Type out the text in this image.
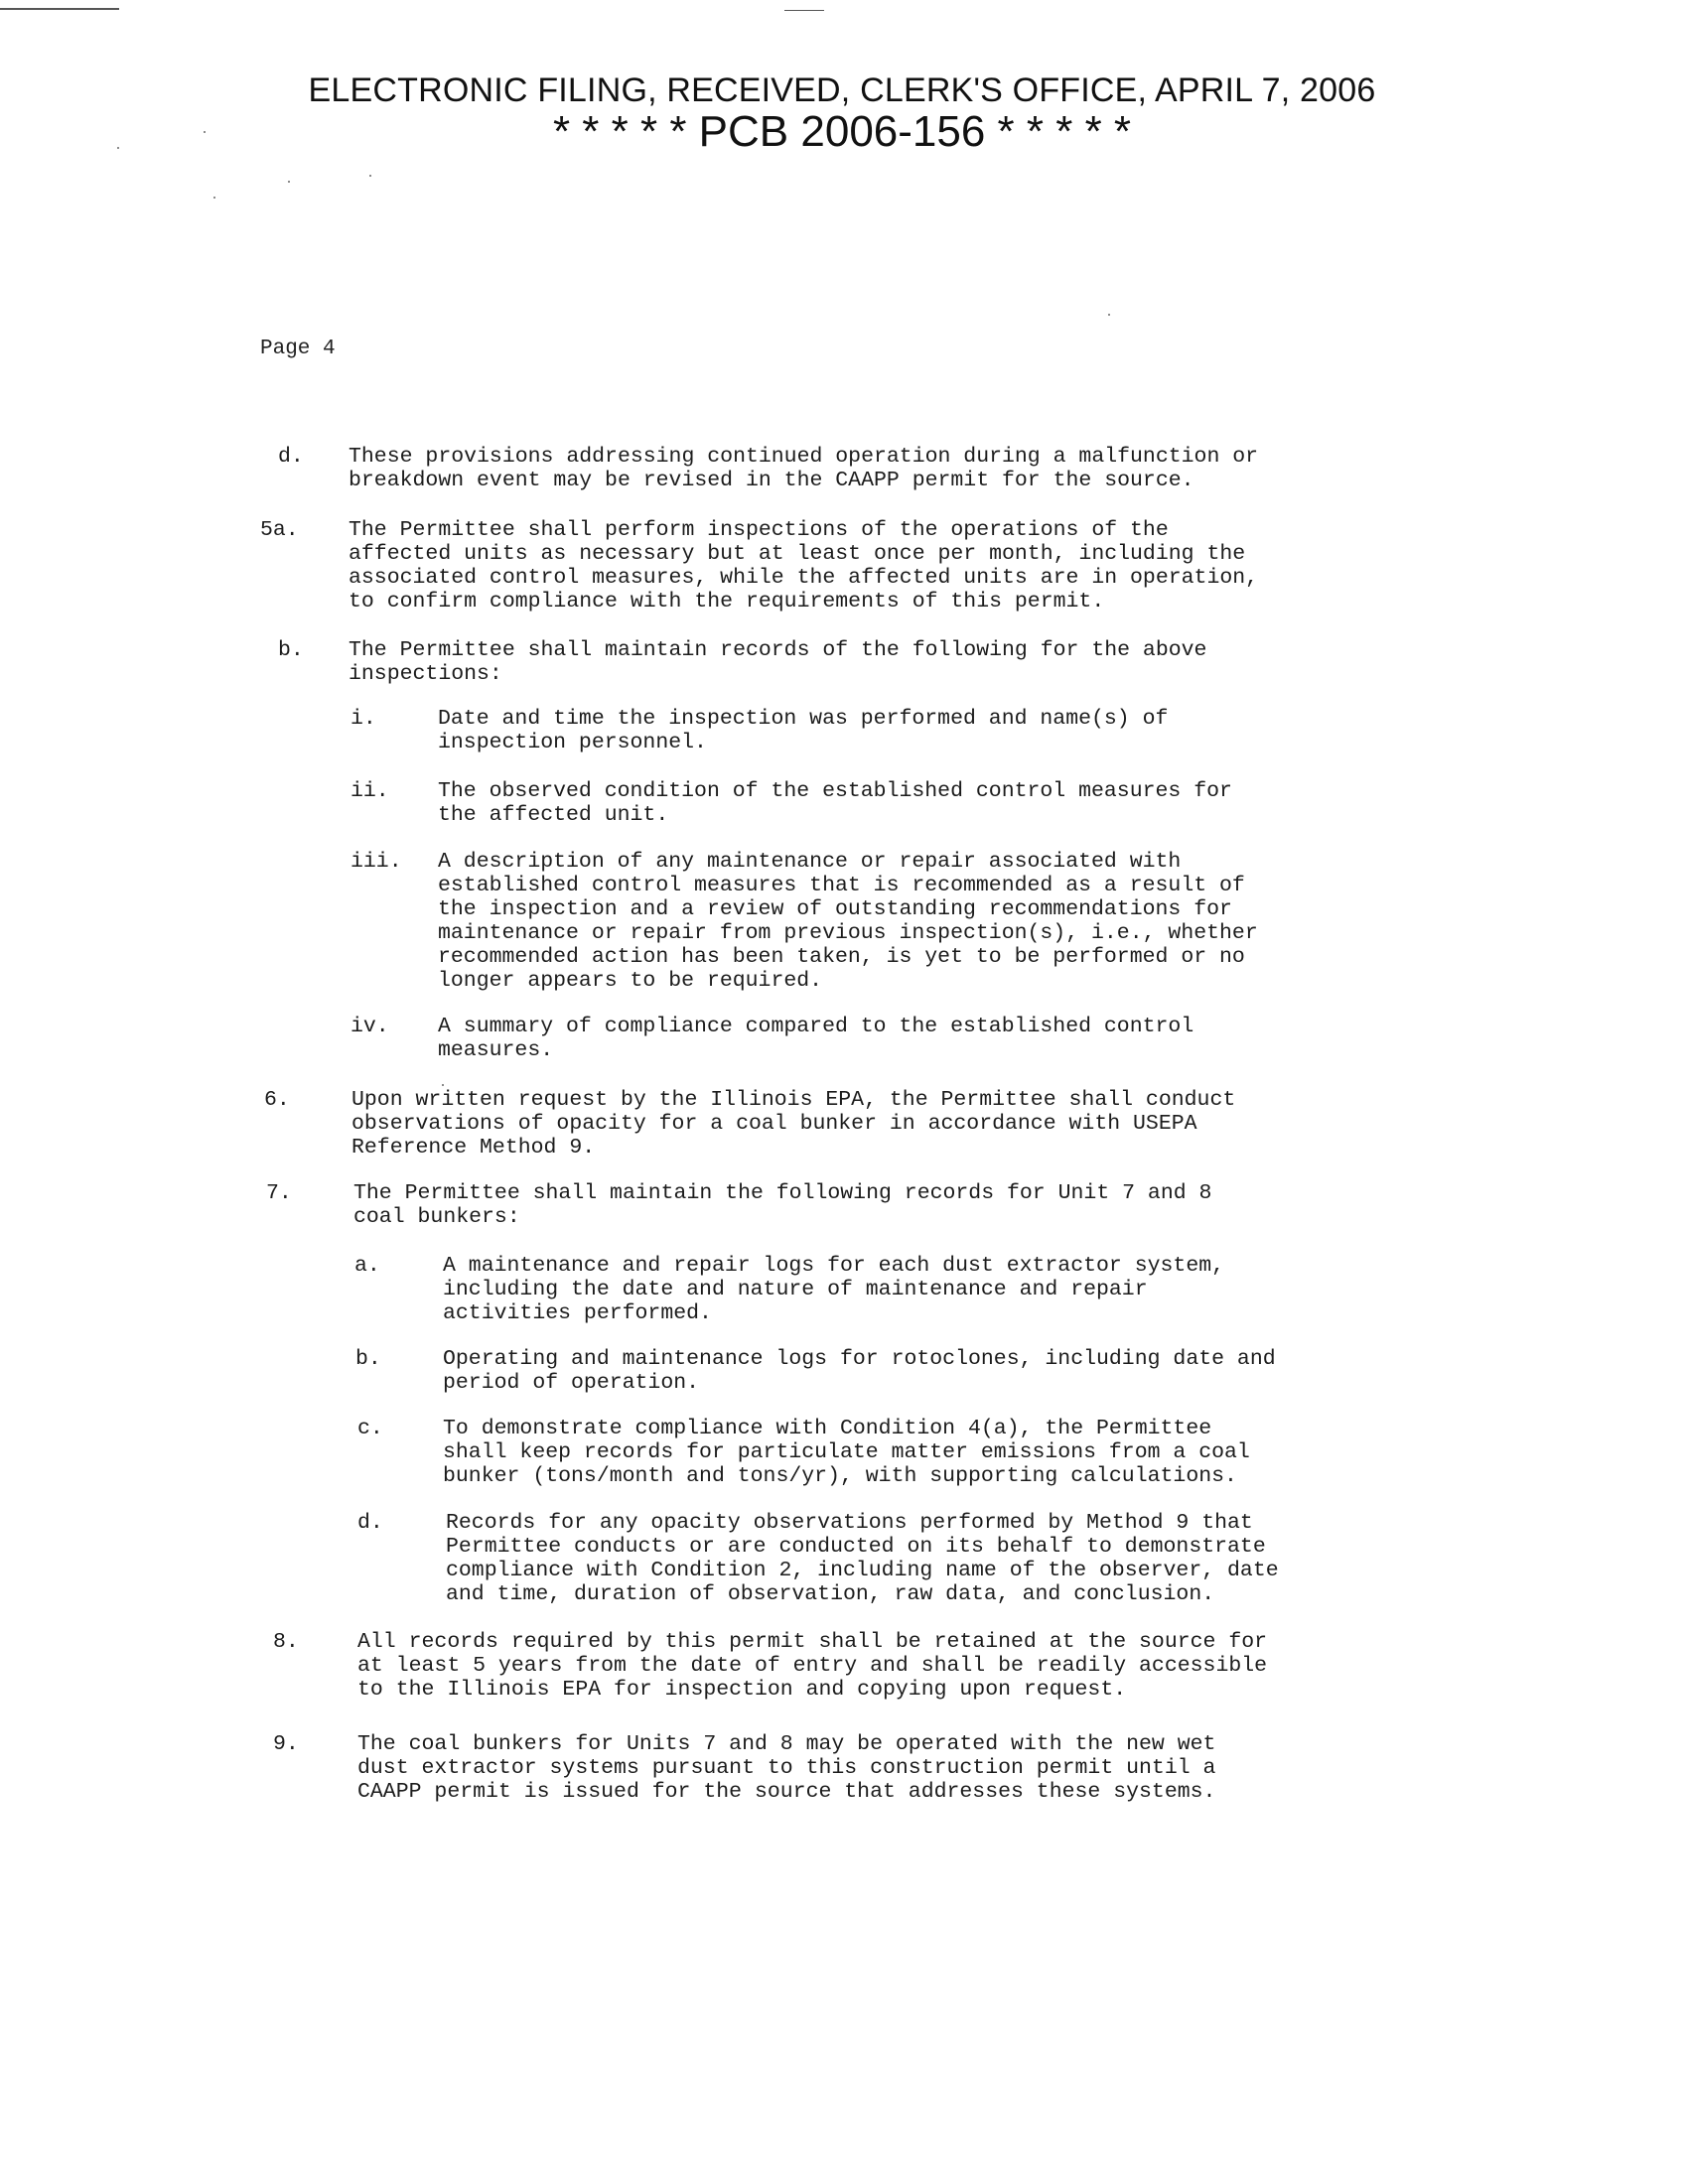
ELECTRONIC FILING, RECEIVED, CLERK'S OFFICE, APRIL 7, 2006
* * * * * PCB 2006-156 * * * * *
Page 4
d. These provisions addressing continued operation during a malfunction or
breakdown event may be revised in the CAAPP permit for the source.
5a. The Permittee shall perform inspections of the operations of the
affected units as necessary but at least once per month, including the
associated control measures, while the affected units are in operation,
to confirm compliance with the requirements of this permit.
b. The Permittee shall maintain records of the following for the above
inspections:
i.	Date and time the inspection was performed and name(s) of
inspection personnel.
ii. The observed condition of the established control measures for
the affected unit.
iii. A description of any maintenance or repair associated with
established control measures that is recommended as a result of
the inspection and a review of outstanding recommendations for
maintenance or repair from previous inspection(s), i.e., whether
recommended action has been taken, is yet to be performed or no
longer appears to be required.
iv. A summary of compliance compared to the established control
measures.
6.	Upon written request by the Illinois EPA, the Permittee shall conduct
observations of opacity for a coal bunker in accordance with USEPA
Reference Method 9.
7.	The Permittee shall maintain the following records for Unit 7 and 8
coal bunkers:
a.	A maintenance and repair logs for each dust extractor system,
including the date and nature of maintenance and repair
activities performed.
b.	Operating and maintenance logs for rotoclones, including date and
period of operation.
c.	To demonstrate compliance with Condition 4(a), the Permittee
shall keep records for particulate matter emissions from a coal
bunker (tons/month and tons/yr), with supporting calculations.
d.	Records for any opacity observations performed by Method 9 that
Permittee conducts or are conducted on its behalf to demonstrate
compliance with Condition 2, including name of the observer, date
and time, duration of observation, raw data, and conclusion.
8.	All records required by this permit shall be retained at the source for
at least 5 years from the date of entry and shall be readily accessible
to the Illinois EPA for inspection and copying upon request.
9.	The coal bunkers for Units 7 and 8 may be operated with the new wet
dust extractor systems pursuant to this construction permit until a
CAAPP permit is issued for the source that addresses these systems.
